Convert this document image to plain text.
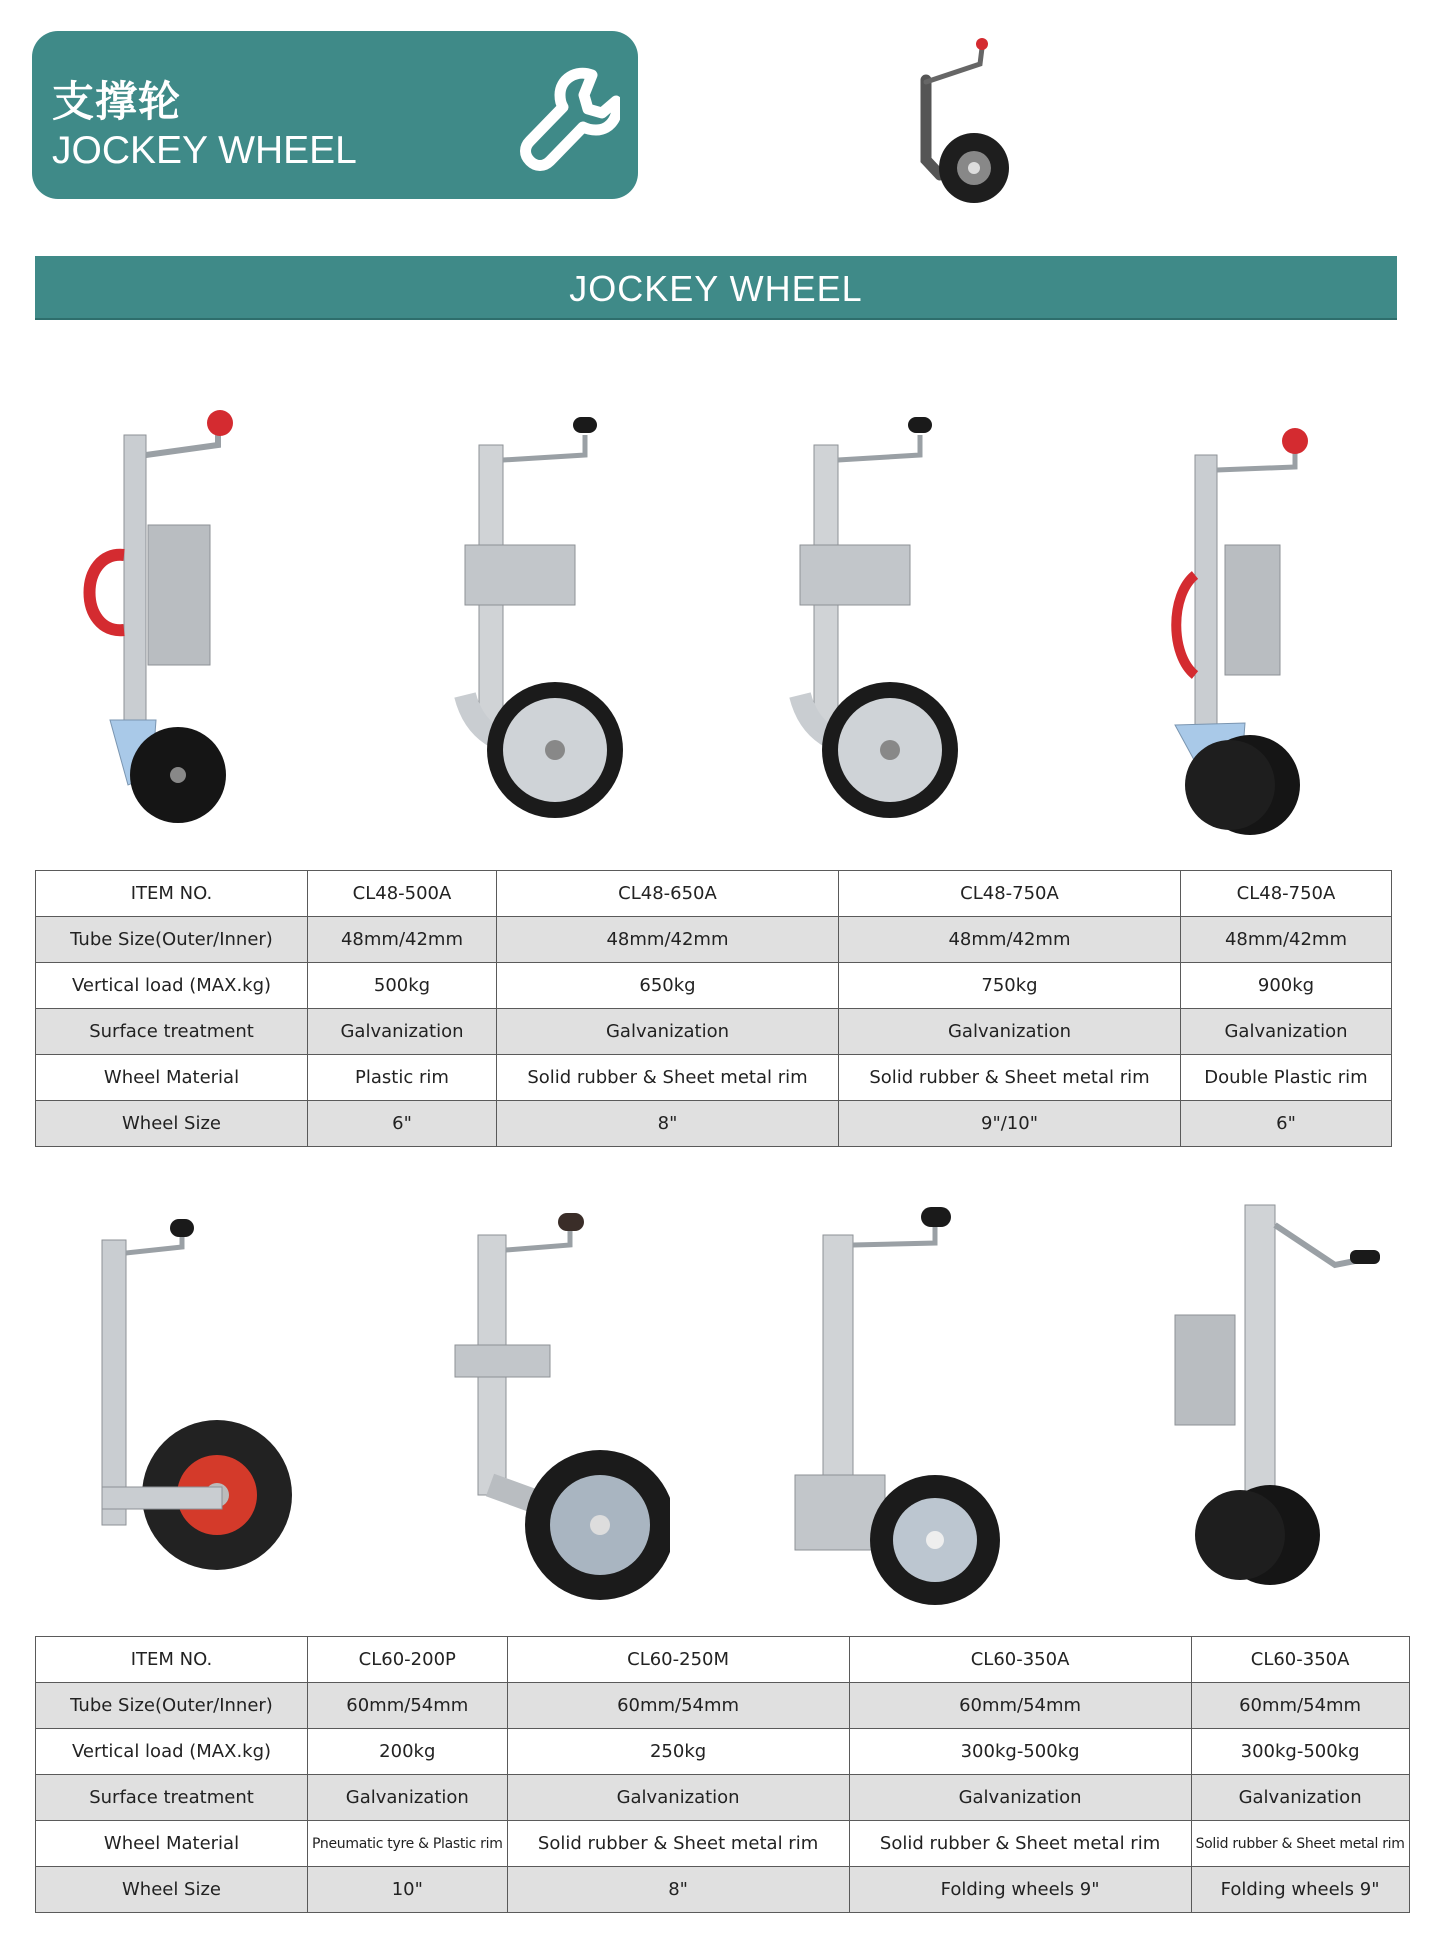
支撑轮
JOCKEY WHEEL
JOCKEY WHEEL
ITEM NO.	CL48-500A	CL48-650A	CL48-750A	CL48-750A
Tube Size(Outer/Inner)	48mm/42mm	48mm/42mm	48mm/42mm	48mm/42mm
Vertical load (MAX.kg)	500kg	650kg	750kg	900kg
Surface treatment	Galvanization	Galvanization	Galvanization	Galvanization
Wheel Material	Plastic rim	Solid rubber & Sheet metal rim	Solid rubber & Sheet metal rim	Double Plastic rim
Wheel Size	6"	8"	9"/10"	6"
ITEM NO.	CL60-200P	CL60-250M	CL60-350A	CL60-350A
Tube Size(Outer/Inner)	60mm/54mm	60mm/54mm	60mm/54mm	60mm/54mm
Vertical load (MAX.kg)	200kg	250kg	300kg-500kg	300kg-500kg
Surface treatment	Galvanization	Galvanization	Galvanization	Galvanization
Wheel Material	Pneumatic tyre & Plastic rim	Solid rubber & Sheet metal rim	Solid rubber & Sheet metal rim	Solid rubber & Sheet metal rim
Wheel Size	10"	8"	Folding wheels 9"	Folding wheels 9"
